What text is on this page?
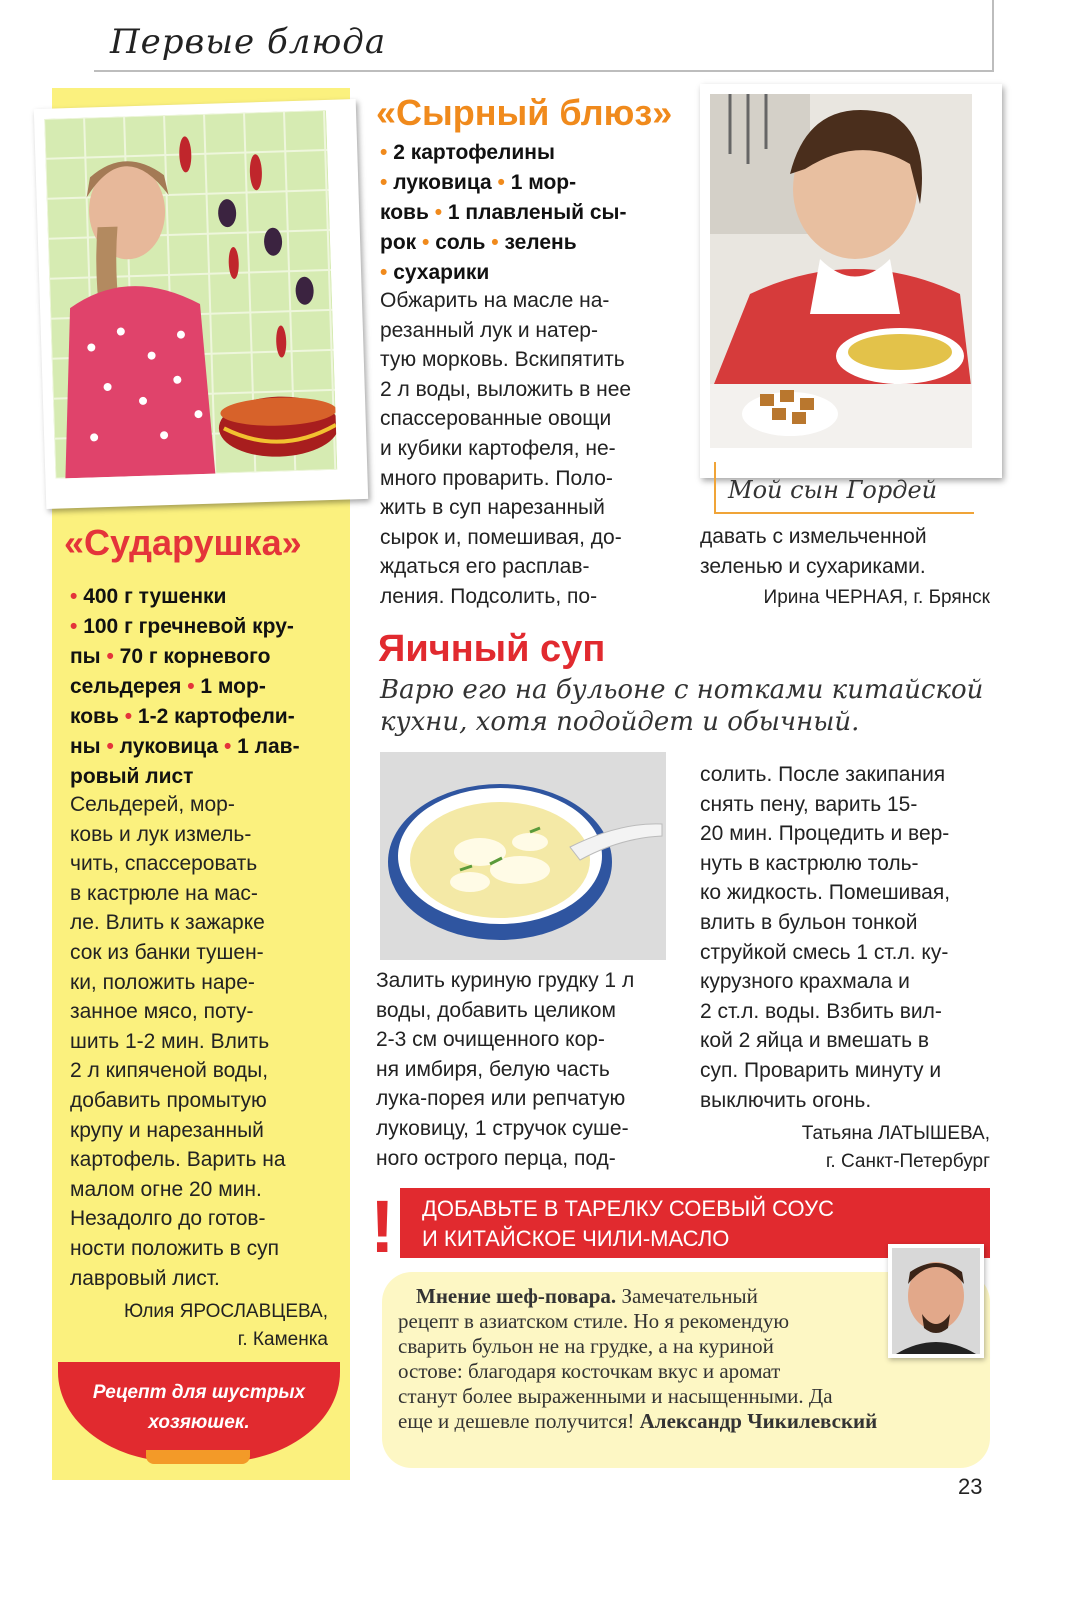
Первые блюда
«Сударушка»
• 400 г тушенки
• 100 г гречневой кру-
пы • 70 г корневого
сельдерея • 1 мор-
ковь • 1-2 картофели-
ны • луковица • 1 лав-
ровый лист
Сельдерей, мор-
ковь и лук измель-
чить, спассеровать
в кастрюле на мас-
ле. Влить к зажарке
сок из банки тушен-
ки, положить наре-
занное мясо, поту-
шить 1-2 мин. Влить
2 л кипяченой воды,
добавить промытую
крупу и нарезанный
картофель. Варить на
малом огне 20 мин.
Незадолго до готов-
ности положить в суп
лавровый лист.
Юлия ЯРОСЛАВЦЕВА,
г. Каменка
Рецепт для шустрых
хозяюшек.
«Сырный блюз»
• 2 картофелины
• луковица • 1 мор-
ковь • 1 плавленый сы-
рок • соль • зелень
• сухарики
Обжарить на масле на-
резанный лук и натер-
тую морковь. Вскипятить
2 л воды, выложить в нее
спассерованные овощи
и кубики картофеля, не-
много проварить. Поло-
жить в суп нарезанный
сырок и, помешивая, до-
ждаться его расплав-
ления. Подсолить, по-
Мой сын Гордей
давать с измельченной
зеленью и сухариками.
Ирина ЧЕРНАЯ, г. Брянск
Яичный суп
Варю его на бульоне с нотками китайской
кухни, хотя подойдет и обычный.
Залить куриную грудку 1 л
воды, добавить целиком
2-3 см очищенного кор-
ня имбиря, белую часть
лука-порея или репчатую
луковицу, 1 стручок суше-
ного острого перца, под-
солить. После закипания
снять пену, варить 15-
20 мин. Процедить и вер-
нуть в кастрюлю толь-
ко жидкость. Помешивая,
влить в бульон тонкой
струйкой смесь 1 ст.л. ку-
курузного крахмала и
2 ст.л. воды. Взбить вил-
кой 2 яйца и вмешать в
суп. Проварить минуту и
выключить огонь.
Татьяна ЛАТЫШЕВА,
г. Санкт-Петербург
ДОБАВЬТЕ В ТАРЕЛКУ СОЕВЫЙ СОУС
И КИТАЙСКОЕ ЧИЛИ-МАСЛО
!
Мнение шеф-повара. Замечательный
рецепт в азиатском стиле. Но я рекомендую
сварить бульон не на грудке, а на куриной
остове: благодаря косточкам вкус и аромат
станут более выраженными и насыщенными. Да
еще и дешевле получится! Александр Чикилевский
23
